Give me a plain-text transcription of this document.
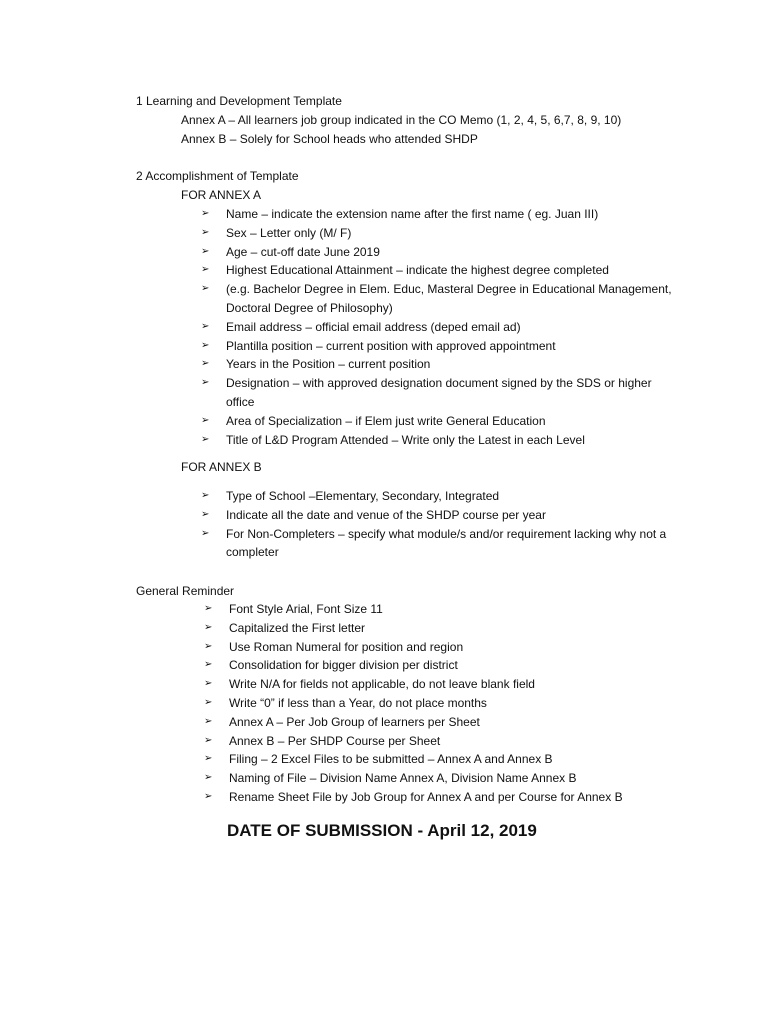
1 Learning and Development Template
Annex A – All learners job group indicated in the CO Memo (1, 2, 4, 5, 6,7, 8, 9, 10)
Annex B – Solely for School heads who attended SHDP
2 Accomplishment of Template
FOR ANNEX A
➢ Name – indicate the extension name after the first name ( eg. Juan III)
➢ Sex – Letter only (M/ F)
➢ Age – cut-off date June 2019
➢ Highest Educational Attainment – indicate the highest degree completed
➢ (e.g. Bachelor Degree in Elem. Educ, Masteral Degree in Educational Management, Doctoral Degree of Philosophy)
➢ Email address – official email address (deped email ad)
➢ Plantilla position – current position with approved appointment
➢ Years in the Position – current position
➢ Designation – with approved designation document signed by the SDS or higher office
➢ Area of Specialization – if Elem just write General Education
➢ Title of L&D Program Attended – Write only the Latest in each Level
FOR ANNEX B
➢ Type of School –Elementary, Secondary, Integrated
➢ Indicate all the date and venue of the SHDP course per year
➢ For Non-Completers – specify what module/s and/or requirement lacking why not a completer
General Reminder
➢ Font Style Arial, Font Size 11
➢ Capitalized the First letter
➢ Use Roman Numeral for position and region
➢ Consolidation for bigger division per district
➢ Write N/A for fields not applicable, do not leave blank field
➢ Write “0” if less than a Year, do not place months
➢ Annex A – Per Job Group of learners per Sheet
➢ Annex B – Per SHDP Course per Sheet
➢ Filing – 2 Excel Files to be submitted – Annex A and Annex B
➢ Naming of File – Division Name Annex A, Division Name Annex B
➢ Rename Sheet File by Job Group for Annex A and per Course for Annex B
DATE OF SUBMISSION - April 12, 2019
